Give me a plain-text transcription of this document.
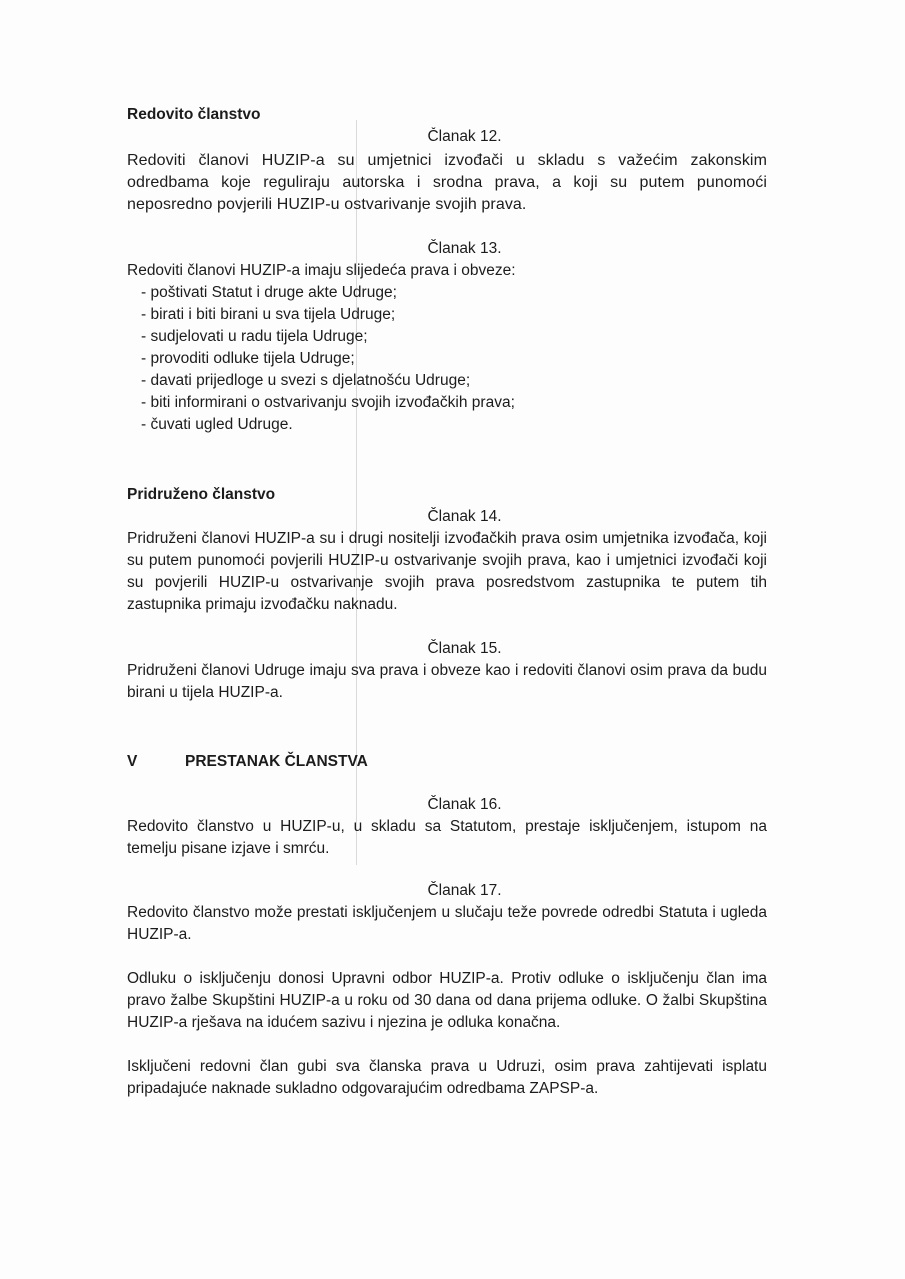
Redovito članstvo
Članak 12.
Redoviti članovi HUZIP-a su umjetnici izvođači u skladu s važećim zakonskim odredbama koje reguliraju autorska i srodna prava, a koji su putem punomoći neposredno povjerili HUZIP-u ostvarivanje svojih prava.
Članak 13.
Redoviti članovi HUZIP-a imaju slijedeća prava i obveze:
- poštivati Statut i druge akte Udruge;
- birati i biti birani u sva tijela Udruge;
- sudjelovati u radu tijela Udruge;
- provoditi odluke tijela Udruge;
- davati prijedloge u svezi s djelatnošću Udruge;
- biti informirani o ostvarivanju svojih izvođačkih prava;
- čuvati ugled Udruge.
Pridruženo članstvo
Članak 14.
Pridruženi članovi HUZIP-a su i drugi nositelji izvođačkih prava osim umjetnika izvođača, koji su putem punomoći povjerili HUZIP-u ostvarivanje svojih prava, kao i umjetnici izvođači koji su povjerili HUZIP-u ostvarivanje svojih prava posredstvom zastupnika te putem tih zastupnika primaju izvođačku naknadu.
Članak 15.
Pridruženi članovi Udruge imaju sva prava i obveze kao i redoviti članovi osim prava da budu birani u tijela HUZIP-a.
V	PRESTANAK ČLANSTVA
Članak 16.
Redovito članstvo u HUZIP-u, u skladu sa Statutom, prestaje isključenjem, istupom na temelju pisane izjave i smrću.
Članak 17.
Redovito članstvo može prestati isključenjem u slučaju teže povrede odredbi Statuta i ugleda HUZIP-a.
Odluku o isključenju donosi Upravni odbor HUZIP-a. Protiv odluke o isključenju član ima pravo žalbe Skupštini HUZIP-a u roku od 30 dana od dana prijema odluke. O žalbi Skupština HUZIP-a rješava na idućem sazivu i njezina je odluka konačna.
Isključeni redovni član gubi sva članska prava u Udruzi, osim prava zahtijevati isplatu pripadajuće naknade sukladno odgovarajućim odredbama ZAPSP-a.
